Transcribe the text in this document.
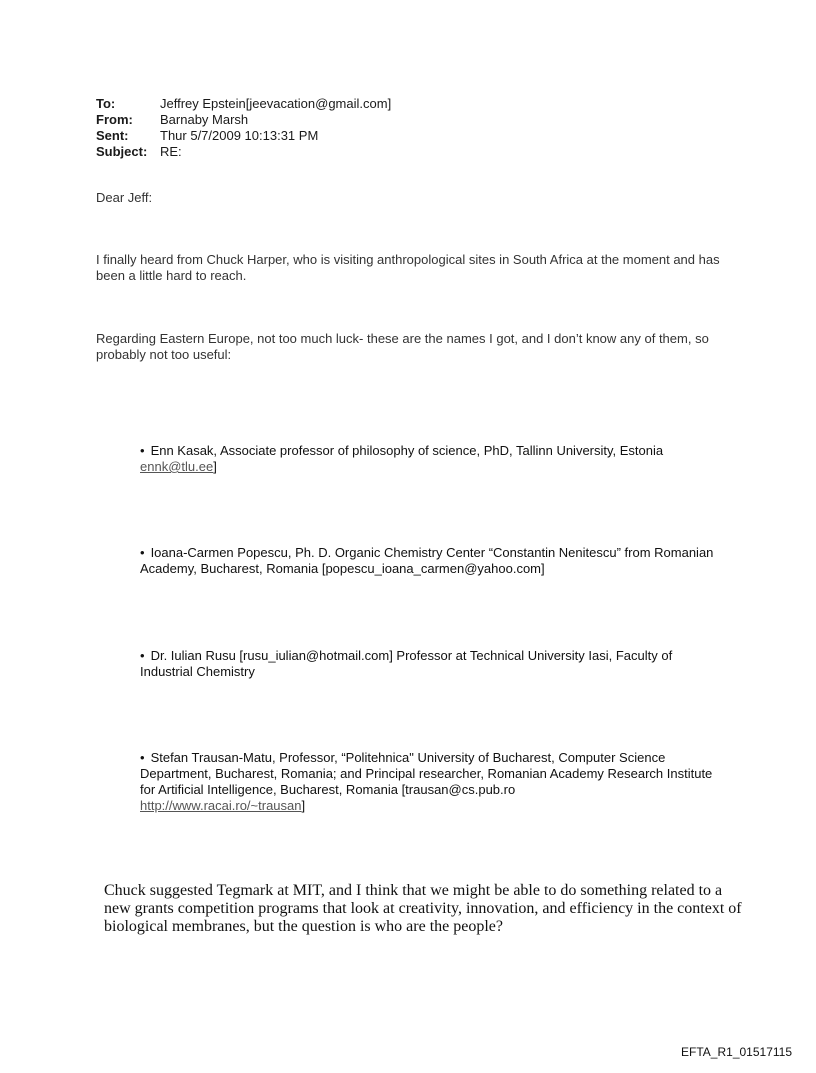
To:	Jeffrey Epstein[jeevacation@gmail.com]
From:	Barnaby Marsh
Sent:	Thur 5/7/2009 10:13:31 PM
Subject: RE:
Dear Jeff:
I finally heard from Chuck Harper, who is visiting anthropological sites in South Africa at the moment and has been a little hard to reach.
Regarding Eastern Europe, not too much luck- these are the names I got, and I don’t know any of them, so probably not too useful:
• Enn Kasak, Associate professor of philosophy of science, PhD, Tallinn University, Estonia
ennk@tlu.ee]
• Ioana-Carmen Popescu, Ph. D. Organic Chemistry Center “Constantin Nenitescu” from Romanian Academy, Bucharest, Romania [popescu_ioana_carmen@yahoo.com]
• Dr. Iulian Rusu [rusu_iulian@hotmail.com] Professor at Technical University Iasi, Faculty of Industrial Chemistry
• Stefan Trausan-Matu, Professor, “Politehnica" University of Bucharest, Computer Science Department, Bucharest, Romania; and Principal researcher, Romanian Academy Research Institute for Artificial Intelligence, Bucharest, Romania [trausan@cs.pub.ro
http://www.racai.ro/~trausan]
Chuck suggested Tegmark at MIT, and I think that we might be able to do something related to a new grants competition programs that look at creativity, innovation, and efficiency in the context of biological membranes, but the question is who are the people?
EFTA_R1_01517115
